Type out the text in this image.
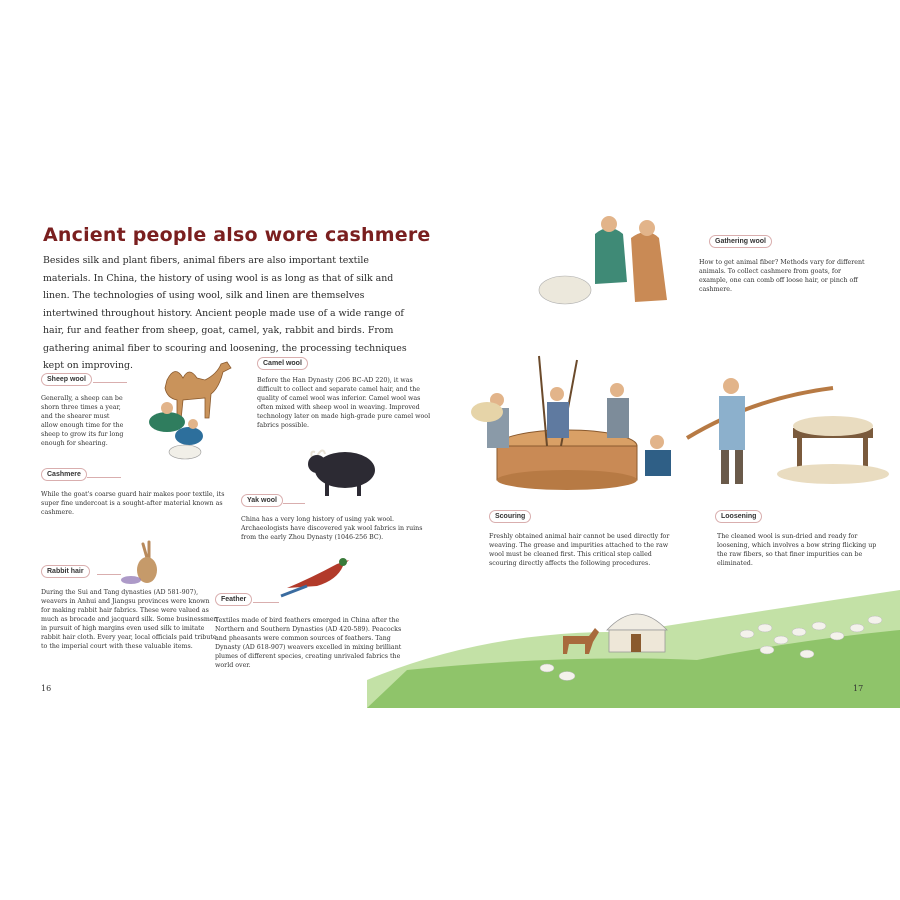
Ancient people also wore cashmere
Besides silk and plant fibers, animal fibers are also important textile materials. In China, the history of using wool is as long as that of silk and linen. The technologies of using wool, silk and linen are themselves intertwined throughout history. Ancient people made use of a wide range of hair, fur and feather from sheep, goat, camel, yak, rabbit and birds. From gathering animal fiber to scouring and loosening, the processing techniques kept on improving.
Sheep wool
Generally, a sheep can be shorn three times a year, and the shearer must allow enough time for the sheep to grow its fur long enough for shearing.
Camel wool
Before the Han Dynasty (206 BC-AD 220), it was difficult to collect and separate camel hair, and the quality of camel wool was inferior. Camel wool was often mixed with sheep wool in weaving. Improved technology later on made high-grade pure camel wool fabrics possible.
Cashmere
While the goat's coarse guard hair makes poor textile, its super fine undercoat is a sought-after material known as cashmere.
Yak wool
China has a very long history of using yak wool. Archaeologists have discovered yak wool fabrics in ruins from the early Zhou Dynasty (1046-256 BC).
Rabbit hair
During the Sui and Tang dynasties (AD 581-907), weavers in Anhui and Jiangsu provinces were known for making rabbit hair fabrics. These were valued as much as brocade and jacquard silk. Some businessmen in pursuit of high margins even used silk to imitate rabbit hair cloth. Every year, local officials paid tribute to the imperial court with these valuable items.
Feather
Textiles made of bird feathers emerged in China after the Northern and Southern Dynasties (AD 420-589). Peacocks and pheasants were common sources of feathers. Tang Dynasty (AD 618-907) weavers excelled in mixing brilliant plumes of different species, creating unrivaled fabrics the world over.
16
Gathering wool
How to get animal fiber? Methods vary for different animals. To collect cashmere from goats, for example, one can comb off loose hair, or pinch off cashmere.
Scouring
Freshly obtained animal hair cannot be used directly for weaving. The grease and impurities attached to the raw wool must be cleaned first. This critical step called scouring directly affects the following procedures.
Loosening
The cleaned wool is sun-dried and ready for loosening, which involves a bow string flicking up the raw fibers, so that finer impurities can be eliminated.
17
